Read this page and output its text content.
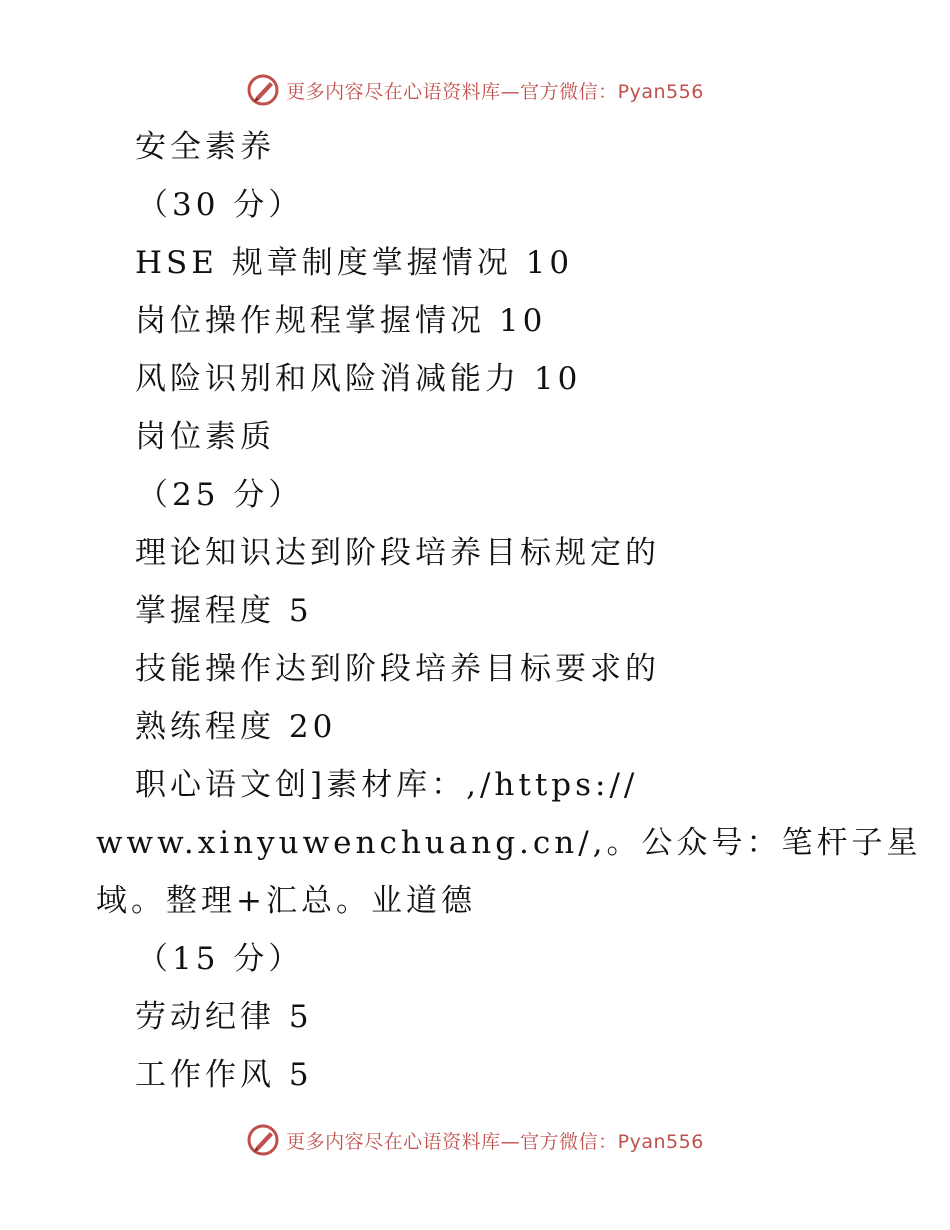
更多内容尽在心语资料库—官方微信：Pyan556
安全素养
（30 分）
HSE 规章制度掌握情况 10
岗位操作规程掌握情况 10
风险识别和风险消减能力 10
岗位素质
（25 分）
理论知识达到阶段培养目标规定的
掌握程度 5
技能操作达到阶段培养目标要求的
熟练程度 20
职心语文创]素材库：,/https://
www.xinyuwenchuang.cn/,。公众号：笔杆子星
域。整理+汇总。业道德
（15 分）
劳动纪律 5
工作作风 5
更多内容尽在心语资料库—官方微信：Pyan556
